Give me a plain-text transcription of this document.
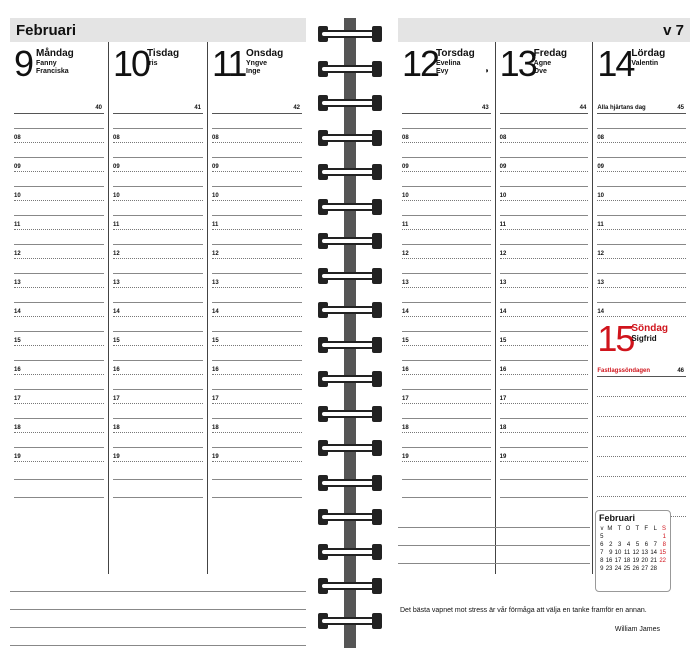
Februari
9 Måndag
Fanny
Franciska
40
08
09
10
11
12
13
14
15
16
17
18
19
10
Tisdag
Iris
41
08
09
10
11
12
13
14
15
16
17
18
19
11 Onsdag
Yngve
Inge
42
08
09
10
11
12
13
14
15
16
17
18
19
v 7
12
Torsdag
Evelina
Evy	◑
43
08
09
10
11
12
13
14
15
16
17
18
19
13
Fredag
Agne
Ove
44
08
09
10
11
12
13
14
15
16
17
18
19
14
Lördag
Valentin
45
Alla hjärtans dag
08
09
10
11
12
13
14
15
Söndag
Sigfrid
Fastlagssöndagen	46
Februari
v	M	T	O	T	F	L	S
5							1
6	2	3	4	5	6	7	8
7	9	10	11	12	13	14	15
8	16	17	18	19	20	21	22
9	23	24	25	26	27	28	
Det bästa vapnet mot stress är vår förmåga att välja en tanke framför en annan.
William James
